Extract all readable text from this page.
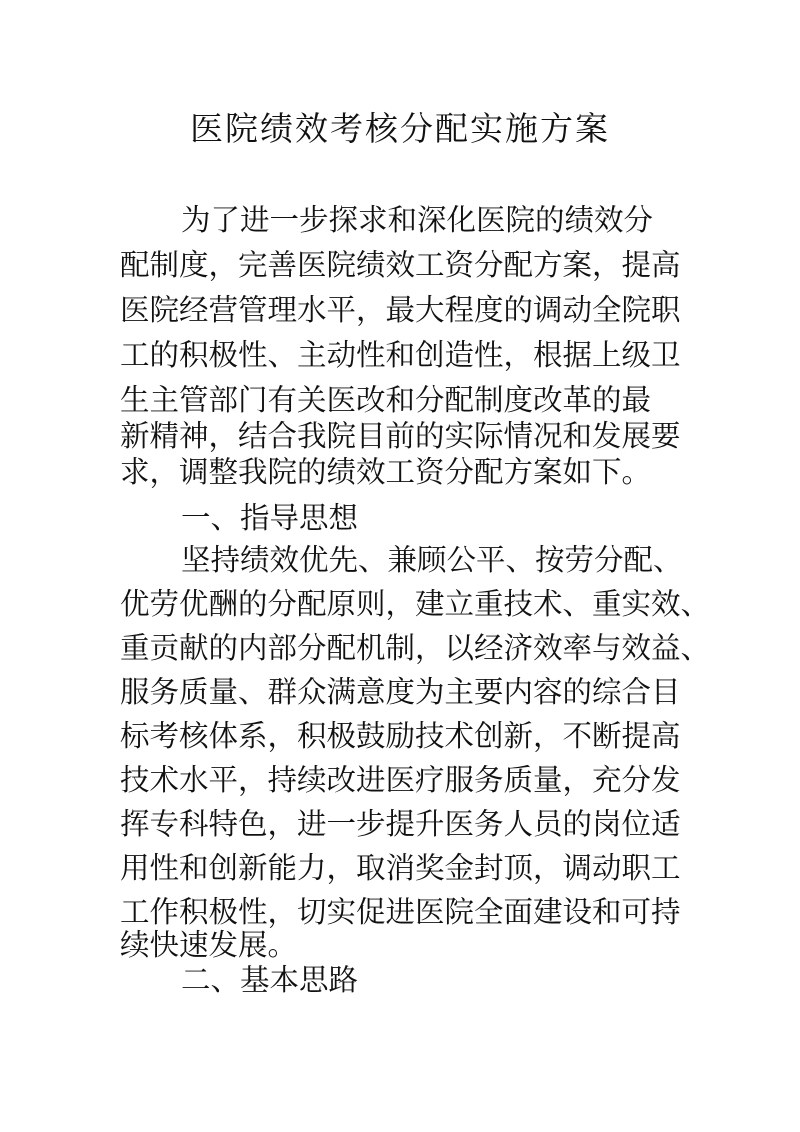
医院绩效考核分配实施方案
为了进一步探求和深化医院的绩效分
配制度，完善医院绩效工资分配方案，提高
医院经营管理水平，最大程度的调动全院职
工的积极性、主动性和创造性，根据上级卫
生主管部门有关医改和分配制度改革的最
新精神，结合我院目前的实际情况和发展要
求，调整我院的绩效工资分配方案如下。
一、指导思想
坚持绩效优先、兼顾公平、按劳分配、
优劳优酬的分配原则，建立重技术、重实效、
重贡献的内部分配机制，以经济效率与效益、
服务质量、群众满意度为主要内容的综合目
标考核体系，积极鼓励技术创新，不断提高
技术水平，持续改进医疗服务质量，充分发
挥专科特色，进一步提升医务人员的岗位适
用性和创新能力，取消奖金封顶，调动职工
工作积极性，切实促进医院全面建设和可持
续快速发展。
二、基本思路
